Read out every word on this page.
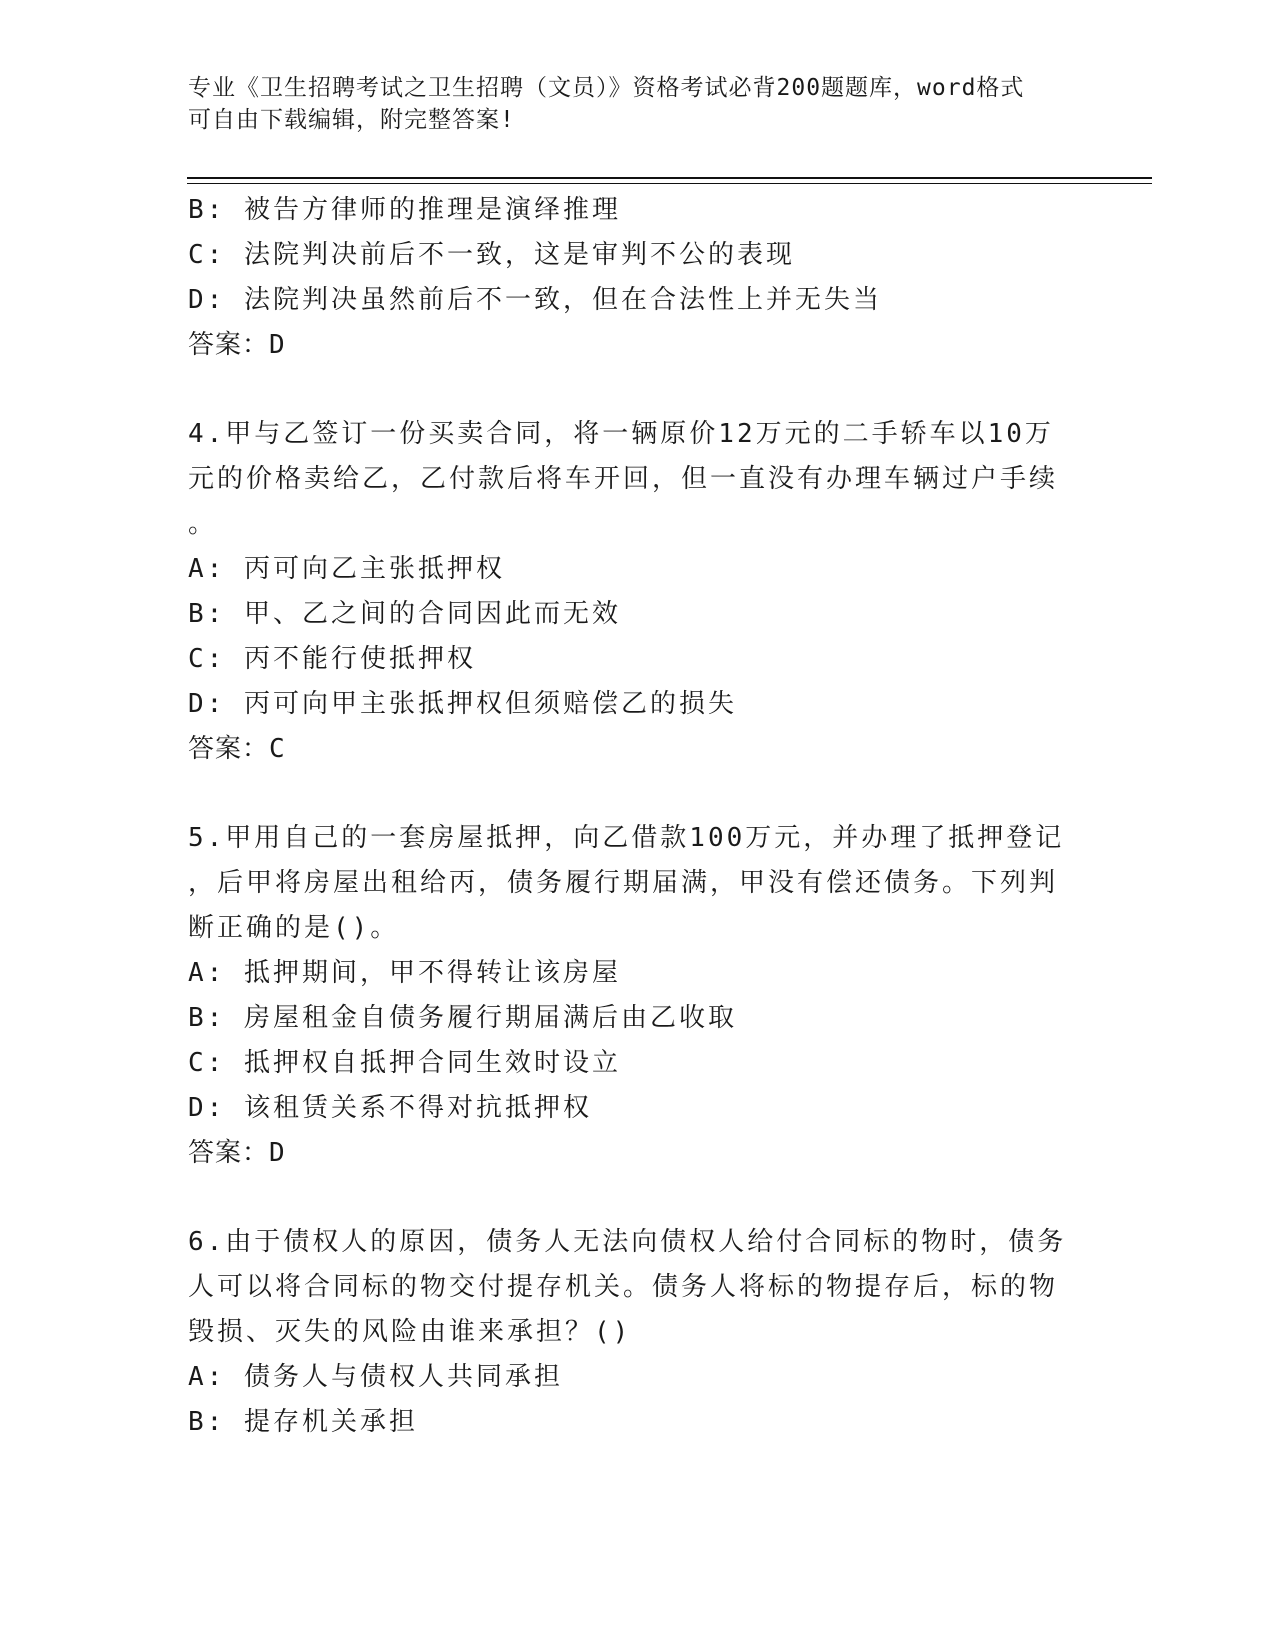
专业《卫生招聘考试之卫生招聘（文员）》资格考试必背200题题库，word格式
可自由下载编辑，附完整答案!
B: 被告方律师的推理是演绎推理
C: 法院判决前后不一致，这是审判不公的表现
D: 法院判决虽然前后不一致，但在合法性上并无失当
答案：D
4.甲与乙签订一份买卖合同，将一辆原价12万元的二手轿车以10万
元的价格卖给乙，乙付款后将车开回，但一直没有办理车辆过户手续
。
A: 丙可向乙主张抵押权
B: 甲、乙之间的合同因此而无效
C: 丙不能行使抵押权
D: 丙可向甲主张抵押权但须赔偿乙的损失
答案：C
5.甲用自己的一套房屋抵押，向乙借款100万元，并办理了抵押登记
，后甲将房屋出租给丙，债务履行期届满，甲没有偿还债务。下列判
断正确的是()。
A: 抵押期间，甲不得转让该房屋
B: 房屋租金自债务履行期届满后由乙收取
C: 抵押权自抵押合同生效时设立
D: 该租赁关系不得对抗抵押权
答案：D
6.由于债权人的原因，债务人无法向债权人给付合同标的物时，债务
人可以将合同标的物交付提存机关。债务人将标的物提存后，标的物
毁损、灭失的风险由谁来承担？()
A: 债务人与债权人共同承担
B: 提存机关承担
